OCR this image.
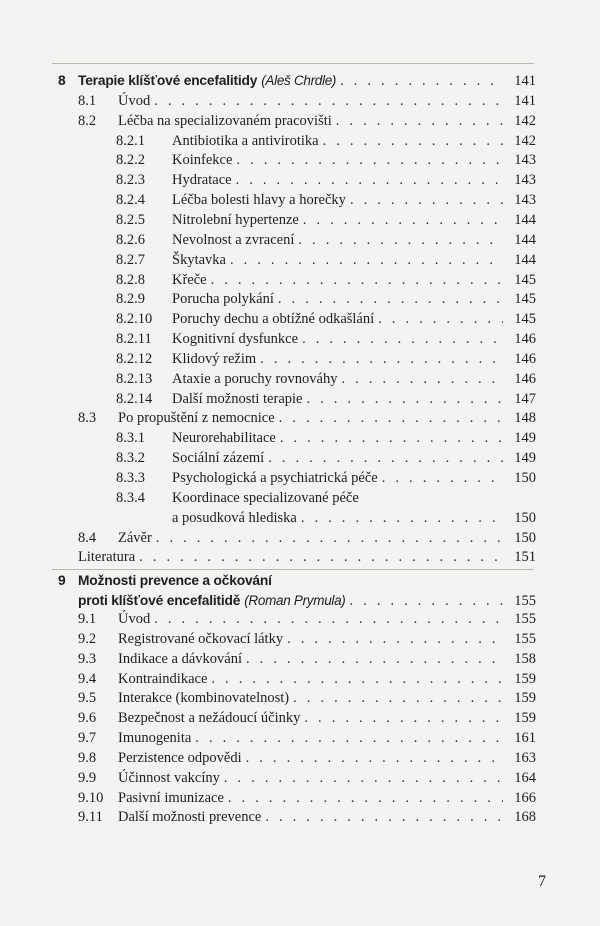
8 Terapie klíšťové encefalitidy (Aleš Chrdle) . . .	141
8.1 Úvod . . .	141
8.2 Léčba na specializovaném pracovišti . . .	142
8.2.1 Antibiotika a antivirotika . . .	142
8.2.2 Koinfekce . . .	143
8.2.3 Hydratace . . .	143
8.2.4 Léčba bolesti hlavy a horečky . . .	143
8.2.5 Nitrolební hypertenze . . .	144
8.2.6 Nevolnost a zvracení . . .	144
8.2.7 Škytavka . . .	144
8.2.8 Křeče . . .	145
8.2.9 Porucha polykání . . .	145
8.2.10 Poruchy dechu a obtížné odkašlání . . .	145
8.2.11 Kognitivní dysfunkce . . .	146
8.2.12 Klidový režim . . .	146
8.2.13 Ataxie a poruchy rovnováhy . . .	146
8.2.14 Další možnosti terapie . . .	147
8.3 Po propuštění z nemocnice . . .	148
8.3.1 Neurorehabilitace . . .	149
8.3.2 Sociální zázemí . . .	149
8.3.3 Psychologická a psychiatrická péče . . .	150
8.3.4 Koordinace specializované péče
a posudková hlediska . . .	150
8.4 Závěr . . .	150
Literatura . . .	151
9 Možnosti prevence a očkování
proti klíšťové encefalitidě (Roman Prymula) . . .	155
9.1 Úvod . . .	155
9.2 Registrované očkovací látky . . .	155
9.3 Indikace a dávkování . . .	158
9.4 Kontraindikace . . .	159
9.5 Interakce (kombinovatelnost) . . .	159
9.6 Bezpečnost a nežádoucí účinky . . .	159
9.7 Imunogenita . . .	161
9.8 Perzistence odpovědi . . .	163
9.9 Účinnost vakcíny . . .	164
9.10 Pasivní imunizace . . .	166
9.11 Další možnosti prevence . . .	168
7
